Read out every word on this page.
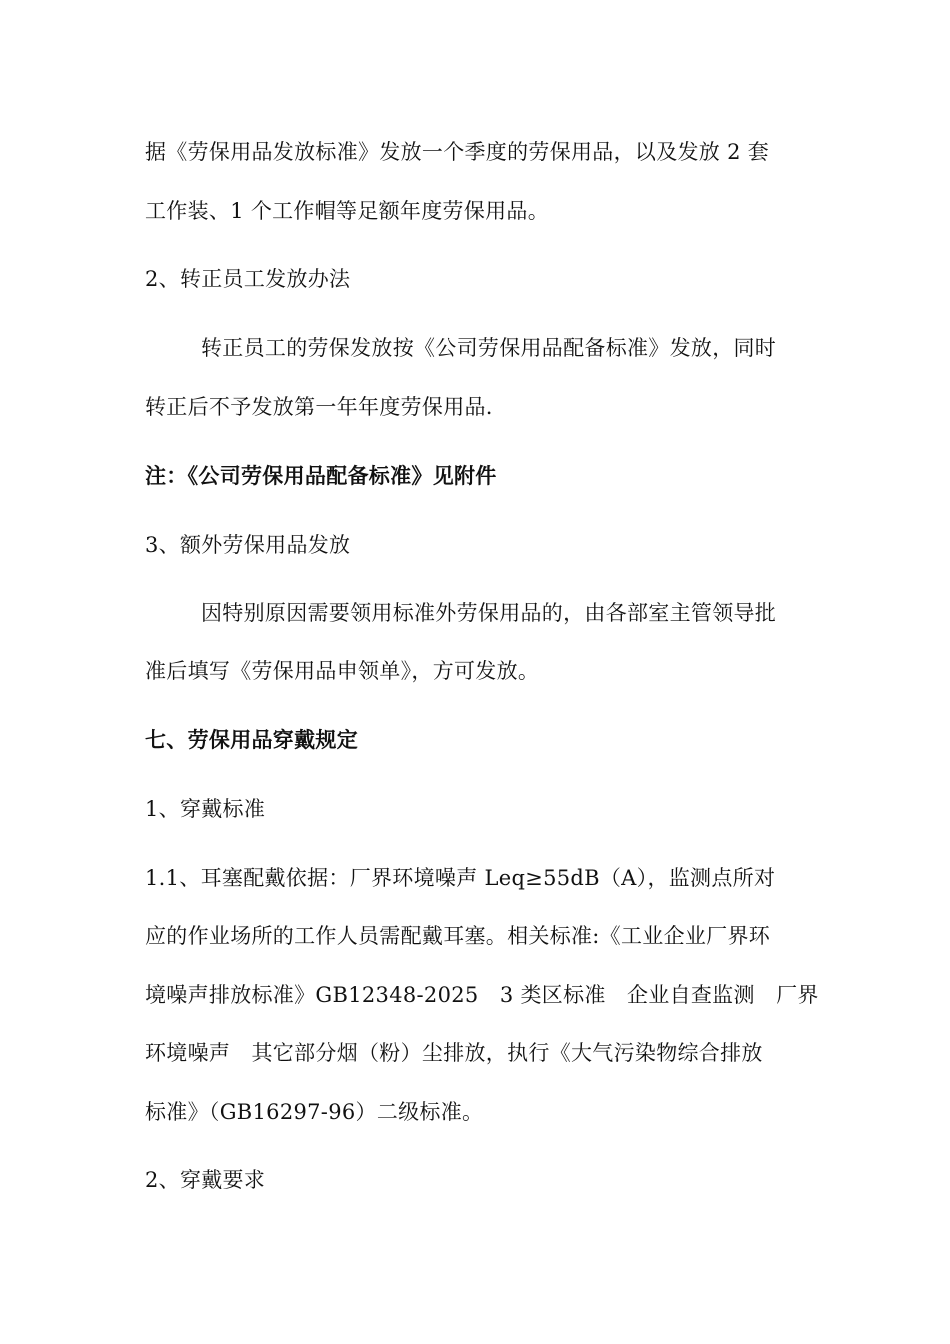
据《劳保用品发放标准》发放一个季度的劳保用品，以及发放 2 套
工作装、1 个工作帽等足额年度劳保用品。
2、转正员工发放办法
转正员工的劳保发放按《公司劳保用品配备标准》发放，同时
转正后不予发放第一年年度劳保用品.
注：《公司劳保用品配备标准》见附件
3、额外劳保用品发放
因特别原因需要领用标准外劳保用品的，由各部室主管领导批
准后填写《劳保用品申领单》，方可发放。
七、劳保用品穿戴规定
1、穿戴标准
1.1、耳塞配戴依据：厂界环境噪声 Leq≥55dB（A），监测点所对
应的作业场所的工作人员需配戴耳塞。相关标准:《工业企业厂界环
境噪声排放标准》GB12348-2025　3 类区标准　企业自查监测　厂界
环境噪声　其它部分烟（粉）尘排放，执行《大气污染物综合排放
标准》（GB16297-96）二级标准。
2、穿戴要求
